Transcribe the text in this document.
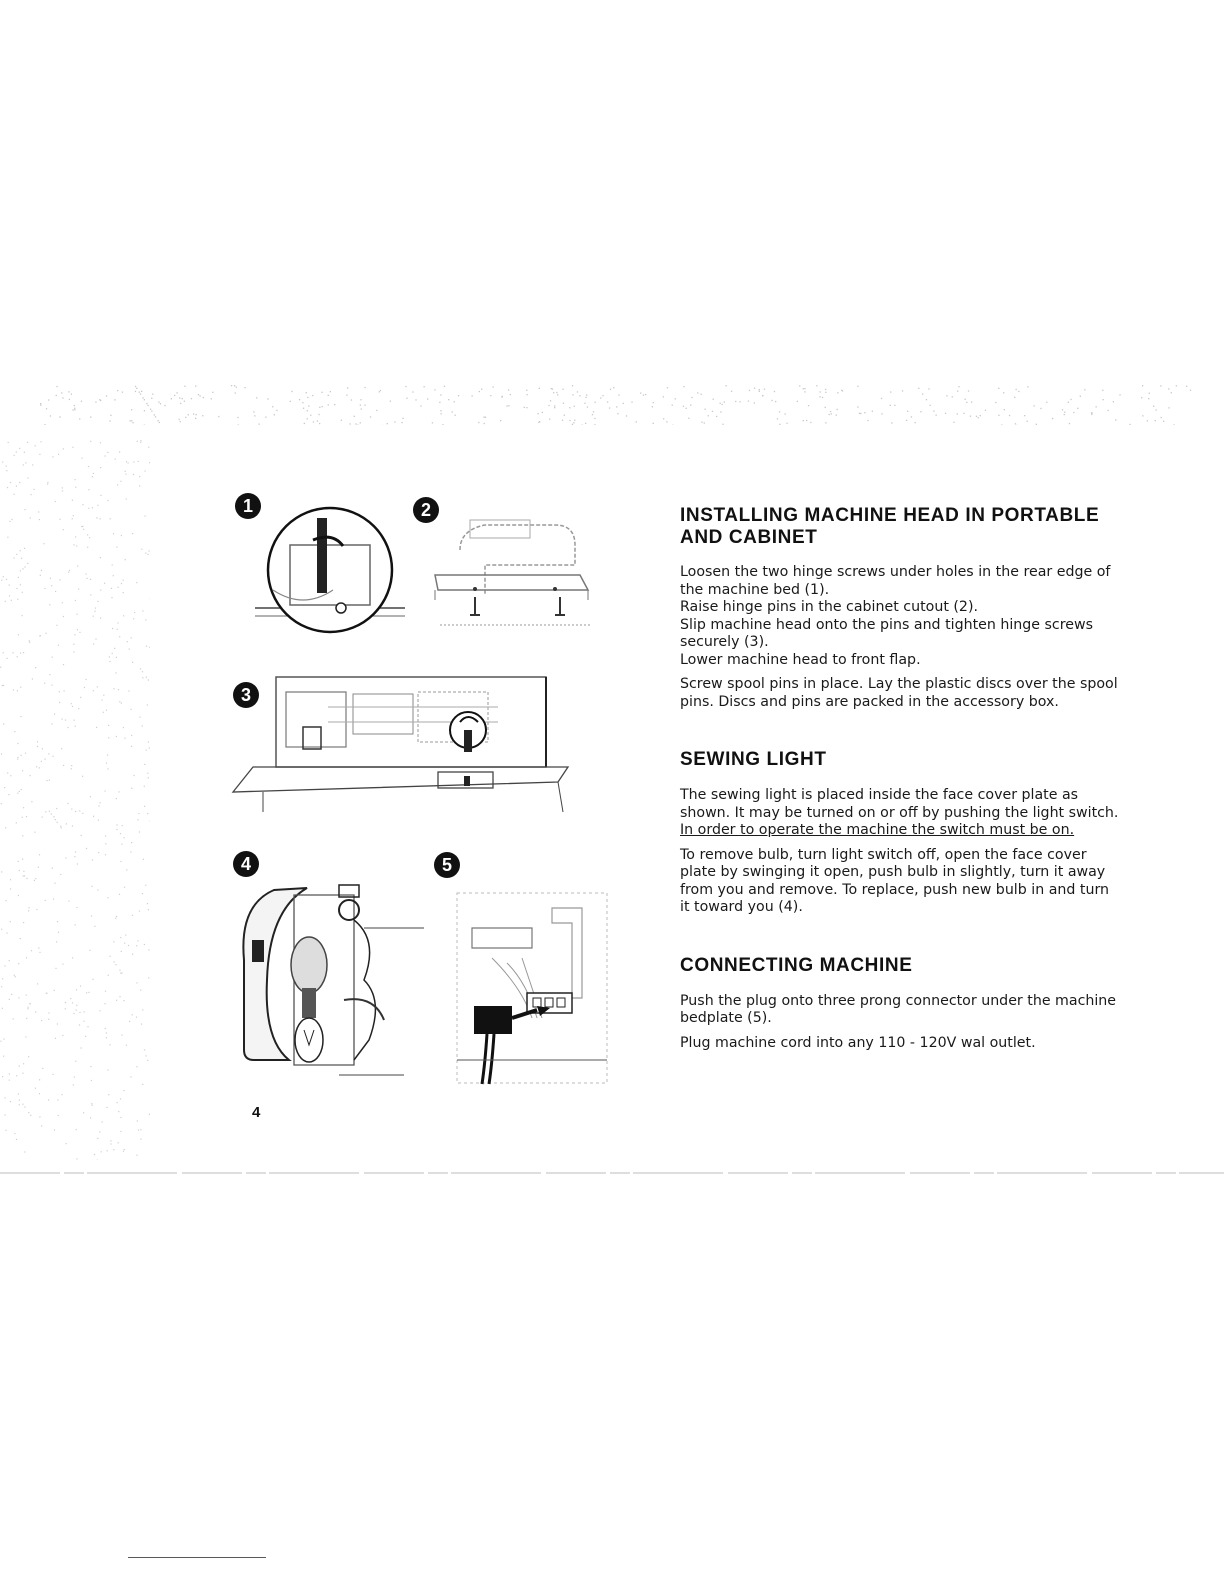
1	2
3
4	5
4
INSTALLING MACHINE HEAD IN PORTABLE
AND CABINET

Loosen the two hinge screws under holes in the rear edge of
the machine bed (1).
Raise hinge pins in the cabinet cutout (2).
Slip machine head onto the pins and tighten hinge screws
securely (3).
Lower machine head to front flap.

Screw spool pins in place. Lay the plastic discs over the spool
pins. Discs and pins are packed in the accessory box.

SEWING LIGHT

The sewing light is placed inside the face cover plate as
shown. It may be turned on or off by pushing the light switch.
In order to operate the machine the switch must be on.

To remove bulb, turn light switch off, open the face cover
plate by swinging it open, push bulb in slightly, turn it away
from you and remove. To replace, push new bulb in and turn
it toward you (4).

CONNECTING MACHINE

Push the plug onto three prong connector under the machine
bedplate (5).

Plug machine cord into any 110 - 120V wal outlet.
